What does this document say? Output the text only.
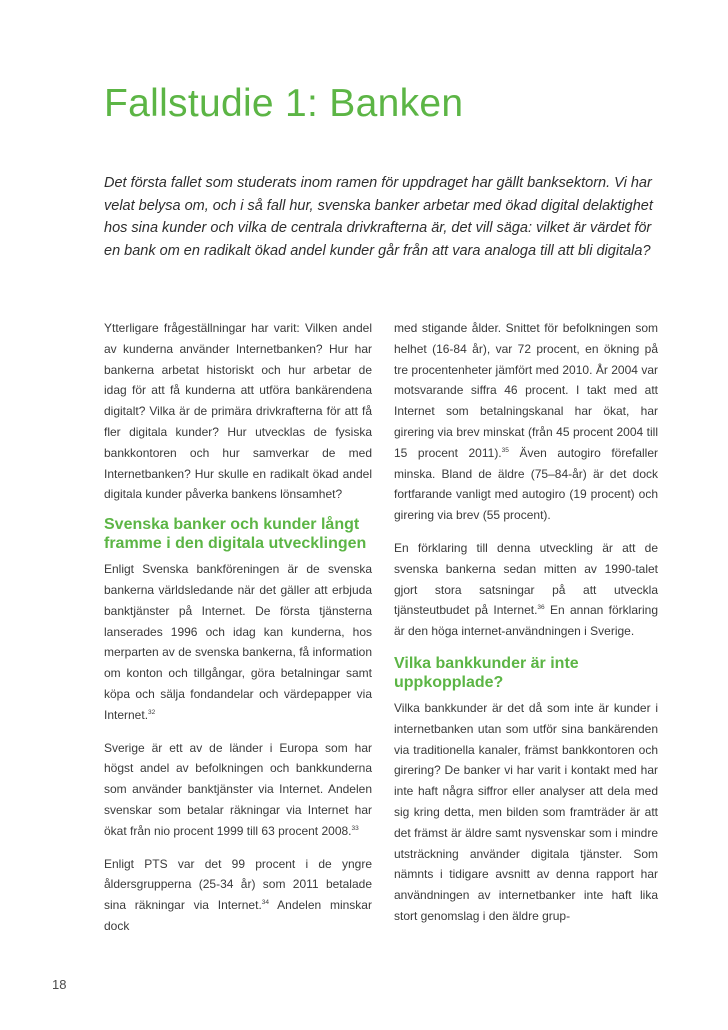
Fallstudie 1: Banken

Det första fallet som studerats inom ramen för uppdraget har gällt banksektorn. Vi har velat belysa om, och i så fall hur, svenska banker arbetar med ökad digital delaktighet hos sina kunder och vilka de centrala drivkrafterna är, det vill säga: vilket är värdet för en bank om en radikalt ökad andel kunder går från att vara analoga till att bli digitala?

Ytterligare frågeställningar har varit: Vilken andel av kunderna använder Internetbanken? Hur har bankerna arbetat historiskt och hur arbetar de idag för att få kunderna att utföra bankärendena digitalt? Vilka är de primära drivkrafterna för att få fler digitala kunder? Hur utvecklas de fysiska bankkontoren och hur samverkar de med Internetbanken? Hur skulle en radikalt ökad andel digitala kunder påverka bankens lönsamhet?

Svenska banker och kunder långt framme i den digitala utvecklingen

Enligt Svenska bankföreningen är de svenska bankerna världsledande när det gäller att erbjuda banktjänster på Internet. De första tjänsterna lanserades 1996 och idag kan kunderna, hos merparten av de svenska bankerna, få information om konton och tillgångar, göra betalningar samt köpa och sälja fondandelar och värdepapper via Internet.$^{32}$

Sverige är ett av de länder i Europa som har högst andel av befolkningen och bankkunderna som använder banktjänster via Internet. Andelen svenskar som betalar räkningar via Internet har ökat från nio procent 1999 till 63 procent 2008.33

Enligt PTS var det 99 procent i de yngre åldersgrupperna (25-34 år) som 2011 betalade sina räkningar via Internet.$^{34}$ Andelen minskar dock

med stigande ålder. Snittet för befolkningen som helhet (16-84 år), var 72 procent, en ökning på tre procentenheter jämfört med 2010. År 2004 var motsvarande siffra 46 procent. I takt med att Internet som betalningskanal har ökat, har girering via brev minskat (från 45 procent 2004 till 15 procent 2011).$^{35}$ Även autogiro förefaller minska. Bland de äldre (75–84-år) är det dock fortfarande vanligt med autogiro (19 procent) och girering via brev (55 procent).

En förklaring till denna utveckling är att de svenska bankerna sedan mitten av 1990-talet gjort stora satsningar på att utveckla tjänsteutbudet på Internet.$^{36}$ En annan förklaring är den höga internet-användningen i Sverige.

Vilka bankkunder är inte uppkopplade?

Vilka bankkunder är det då som inte är kunder i internetbanken utan som utför sina bankärenden via traditionella kanaler, främst bankkontoren och girering? De banker vi har varit i kontakt med har inte haft några siffror eller analyser att dela med sig kring detta, men bilden som framträder är att det främst är äldre samt nysvenskar som i mindre utsträckning använder digitala tjänster. Som nämnts i tidigare avsnitt av denna rapport har användningen av internetbanker inte haft lika stort genomslag i den äldre grup-

18
